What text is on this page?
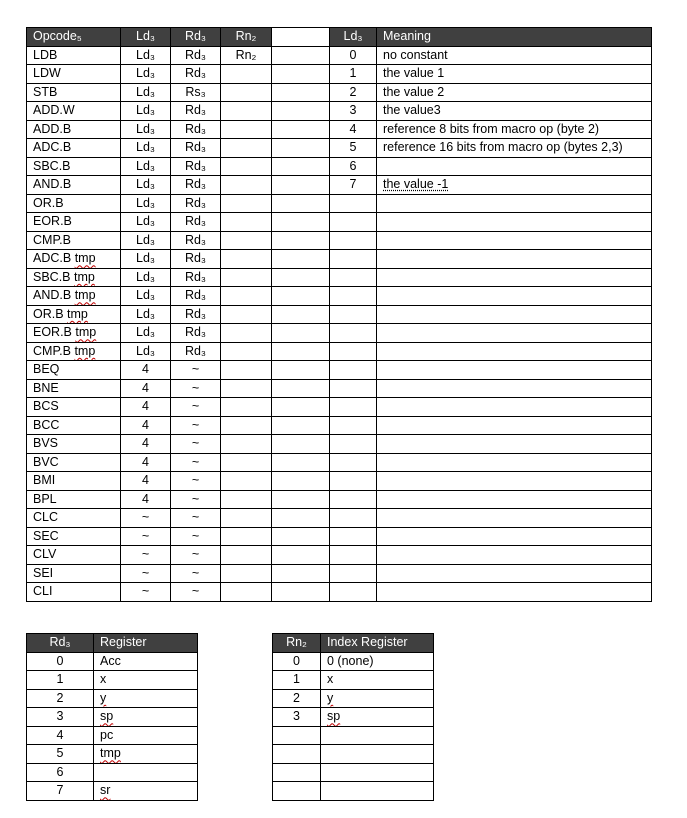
Opcode₅	Ld₃	Rd₃	Rn₂		Ld₃	Meaning
LDB	Ld₃	Rd₃	Rn₂		0	no constant
LDW	Ld₃	Rd₃			1	the value 1
STB	Ld₃	Rs₃			2	the value 2
ADD.W	Ld₃	Rd₃			3	the value3
ADD.B	Ld₃	Rd₃			4	reference 8 bits from macro op (byte 2)
ADC.B	Ld₃	Rd₃			5	reference 16 bits from macro op (bytes 2,3)
SBC.B	Ld₃	Rd₃			6	
AND.B	Ld₃	Rd₃			7	the value -1
OR.B	Ld₃	Rd₃				
EOR.B	Ld₃	Rd₃				
CMP.B	Ld₃	Rd₃				
ADC.B tmp	Ld₃	Rd₃				
SBC.B tmp	Ld₃	Rd₃				
AND.B tmp	Ld₃	Rd₃				
OR.B tmp	Ld₃	Rd₃				
EOR.B tmp	Ld₃	Rd₃				
CMP.B tmp	Ld₃	Rd₃				
BEQ	4	~				
BNE	4	~				
BCS	4	~				
BCC	4	~				
BVS	4	~				
BVC	4	~				
BMI	4	~				
BPL	4	~				
CLC	~	~				
SEC	~	~				
CLV	~	~				
SEI	~	~				
CLI	~	~				
Rd₃	Register
0	Acc
1	x
2	y
3	sp
4	pc
5	tmp
6	
7	sr
Rn₂	Index Register
0	0 (none)
1	x
2	y
3	sp
